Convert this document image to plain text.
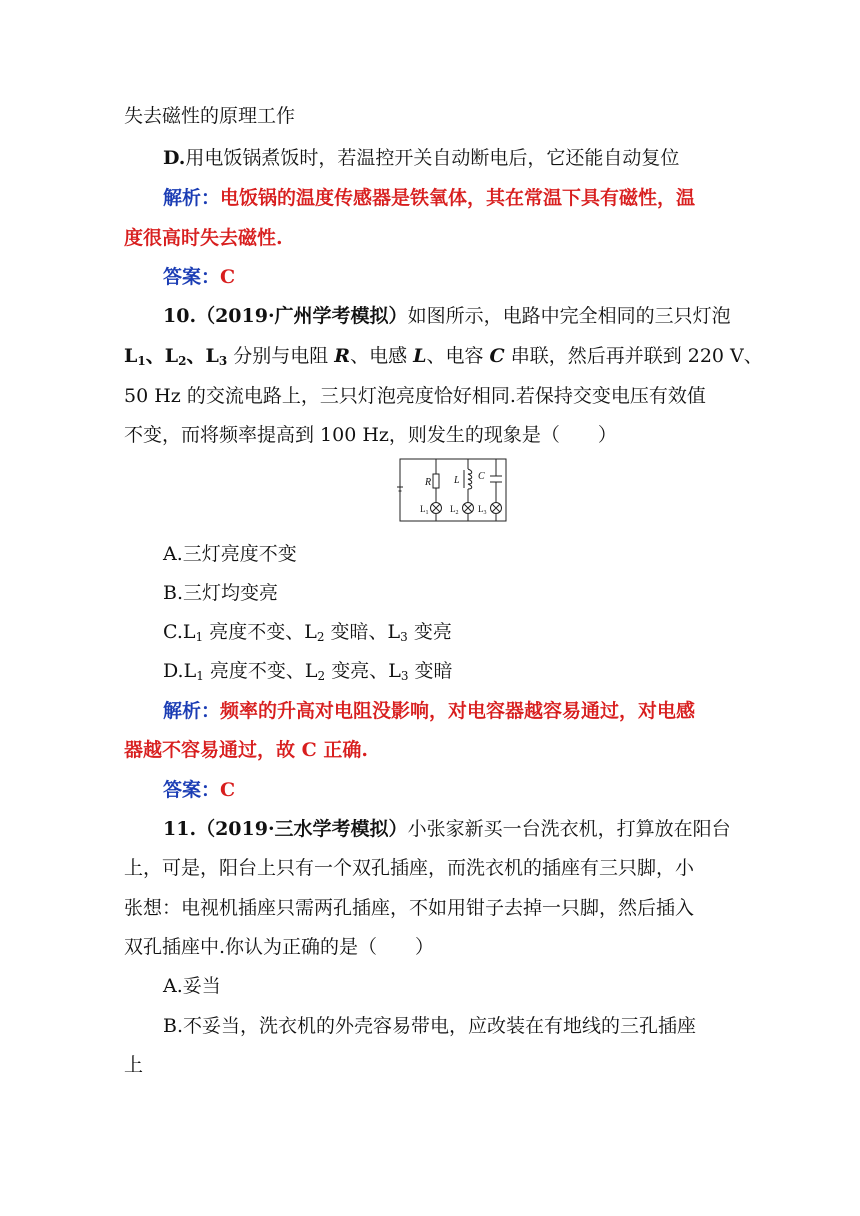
失去磁性的原理工作
D.用电饭锅煮饭时，若温控开关自动断电后，它还能自动复位
解析：电饭锅的温度传感器是铁氧体，其在常温下具有磁性，温
度很高时失去磁性.
答案：C
10.（2019·广州学考模拟）如图所示，电路中完全相同的三只灯泡
$L_1$、$L_2$、$L_3$ 分别与电阻 R、电感 L、电容 C 串联，然后再并联到 220 V、
50 Hz 的交流电路上，三只灯泡亮度恰好相同.若保持交变电压有效值
不变，而将频率提高到 100 Hz，则发生的现象是（　　）
R L C
$L_1$ $L_2$ $L_3$
A.三灯亮度不变
B.三灯均变亮
$C.L_1$ 亮度不变、$L_2$ 变暗、$L_3$ 变亮
$D.L_1$ 亮度不变、$L_2$ 变亮、$L_3$ 变暗
解析：频率的升高对电阻没影响，对电容器越容易通过，对电感
器越不容易通过，故 C 正确.
答案：C
11.（2019·三水学考模拟）小张家新买一台洗衣机，打算放在阳台
上，可是，阳台上只有一个双孔插座，而洗衣机的插座有三只脚，小
张想：电视机插座只需两孔插座，不如用钳子去掉一只脚，然后插入
双孔插座中.你认为正确的是（　　）
A.妥当
B.不妥当，洗衣机的外壳容易带电，应改装在有地线的三孔插座
上
